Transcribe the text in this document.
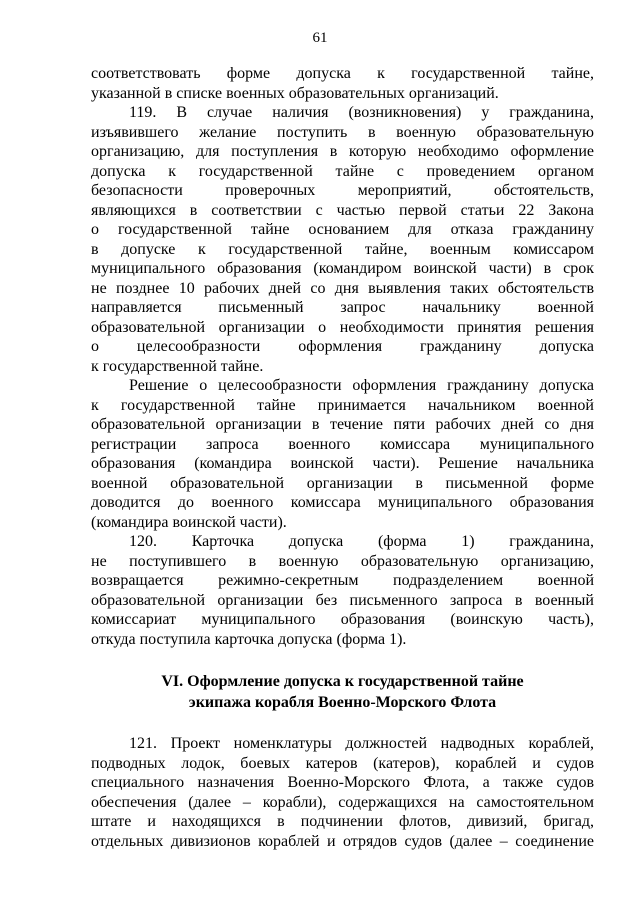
61
соответствовать форме допуска к государственной тайне,
указанной в списке военных образовательных организаций.
119. В случае наличия (возникновения) у гражданина,
изъявившего желание поступить в военную образовательную
организацию, для поступления в которую необходимо оформление
допуска к государственной тайне с проведением органом
безопасности проверочных мероприятий, обстоятельств,
являющихся в соответствии с частью первой статьи 22 Закона
о государственной тайне основанием для отказа гражданину
в допуске к государственной тайне, военным комиссаром
муниципального образования (командиром воинской части) в срок
не позднее 10 рабочих дней со дня выявления таких обстоятельств
направляется письменный запрос начальнику военной
образовательной организации о необходимости принятия решения
о целесообразности оформления гражданину допуска
к государственной тайне.
Решение о целесообразности оформления гражданину допуска
к государственной тайне принимается начальником военной
образовательной организации в течение пяти рабочих дней со дня
регистрации запроса военного комиссара муниципального
образования (командира воинской части). Решение начальника
военной образовательной организации в письменной форме
доводится до военного комиссара муниципального образования
(командира воинской части).
120. Карточка допуска (форма 1) гражданина,
не поступившего в военную образовательную организацию,
возвращается режимно-секретным подразделением военной
образовательной организации без письменного запроса в военный
комиссариат муниципального образования (воинскую часть),
откуда поступила карточка допуска (форма 1).
VI. Оформление допуска к государственной тайне
экипажа корабля Военно-Морского Флота
121. Проект номенклатуры должностей надводных кораблей,
подводных лодок, боевых катеров (катеров), кораблей и судов
специального назначения Военно-Морского Флота, а также судов
обеспечения (далее – корабли), содержащихся на самостоятельном
штате и находящихся в подчинении флотов, дивизий, бригад,
отдельных дивизионов кораблей и отрядов судов (далее – соединение
